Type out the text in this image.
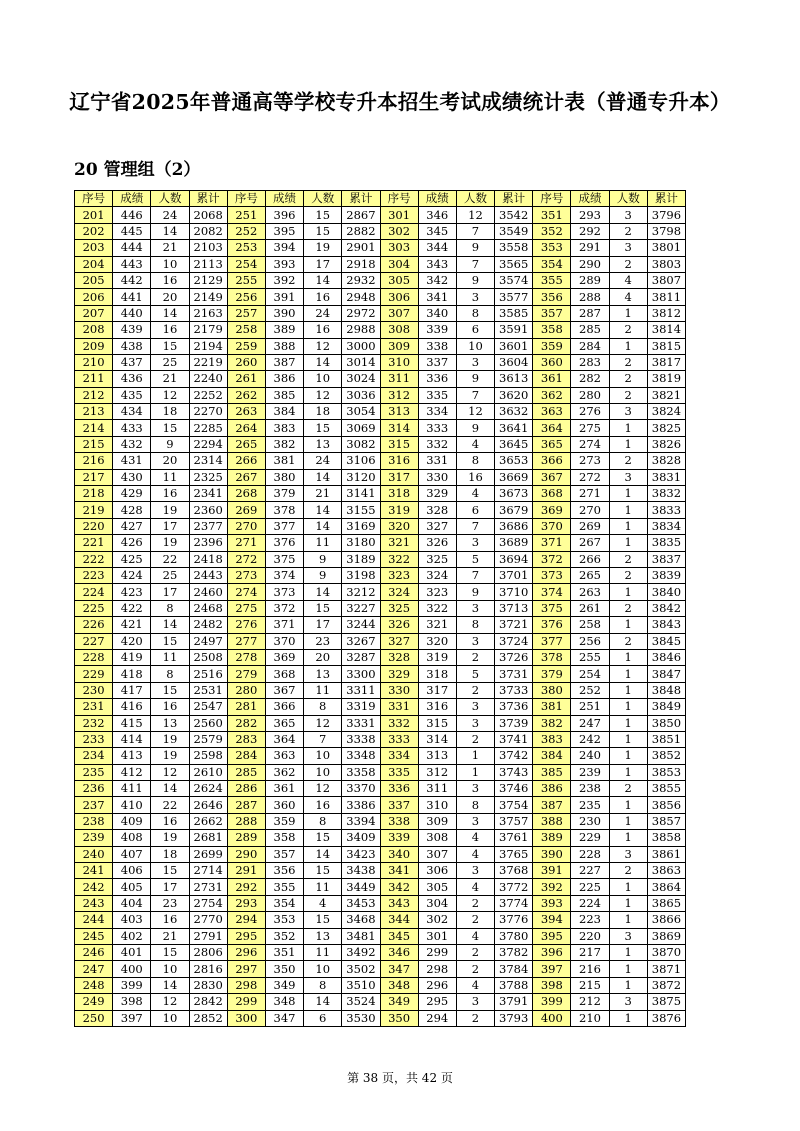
辽宁省2025年普通高等学校专升本招生考试成绩统计表（普通专升本）
20 管理组（2）
序号	成绩	人数	累计	序号	成绩	人数	累计	序号	成绩	人数	累计	序号	成绩	人数	累计
201	446	24	2068	251	396	15	2867	301	346	12	3542	351	293	3	3796
202	445	14	2082	252	395	15	2882	302	345	7	3549	352	292	2	3798
203	444	21	2103	253	394	19	2901	303	344	9	3558	353	291	3	3801
204	443	10	2113	254	393	17	2918	304	343	7	3565	354	290	2	3803
205	442	16	2129	255	392	14	2932	305	342	9	3574	355	289	4	3807
206	441	20	2149	256	391	16	2948	306	341	3	3577	356	288	4	3811
207	440	14	2163	257	390	24	2972	307	340	8	3585	357	287	1	3812
208	439	16	2179	258	389	16	2988	308	339	6	3591	358	285	2	3814
209	438	15	2194	259	388	12	3000	309	338	10	3601	359	284	1	3815
210	437	25	2219	260	387	14	3014	310	337	3	3604	360	283	2	3817
211	436	21	2240	261	386	10	3024	311	336	9	3613	361	282	2	3819
212	435	12	2252	262	385	12	3036	312	335	7	3620	362	280	2	3821
213	434	18	2270	263	384	18	3054	313	334	12	3632	363	276	3	3824
214	433	15	2285	264	383	15	3069	314	333	9	3641	364	275	1	3825
215	432	9	2294	265	382	13	3082	315	332	4	3645	365	274	1	3826
216	431	20	2314	266	381	24	3106	316	331	8	3653	366	273	2	3828
217	430	11	2325	267	380	14	3120	317	330	16	3669	367	272	3	3831
218	429	16	2341	268	379	21	3141	318	329	4	3673	368	271	1	3832
219	428	19	2360	269	378	14	3155	319	328	6	3679	369	270	1	3833
220	427	17	2377	270	377	14	3169	320	327	7	3686	370	269	1	3834
221	426	19	2396	271	376	11	3180	321	326	3	3689	371	267	1	3835
222	425	22	2418	272	375	9	3189	322	325	5	3694	372	266	2	3837
223	424	25	2443	273	374	9	3198	323	324	7	3701	373	265	2	3839
224	423	17	2460	274	373	14	3212	324	323	9	3710	374	263	1	3840
225	422	8	2468	275	372	15	3227	325	322	3	3713	375	261	2	3842
226	421	14	2482	276	371	17	3244	326	321	8	3721	376	258	1	3843
227	420	15	2497	277	370	23	3267	327	320	3	3724	377	256	2	3845
228	419	11	2508	278	369	20	3287	328	319	2	3726	378	255	1	3846
229	418	8	2516	279	368	13	3300	329	318	5	3731	379	254	1	3847
230	417	15	2531	280	367	11	3311	330	317	2	3733	380	252	1	3848
231	416	16	2547	281	366	8	3319	331	316	3	3736	381	251	1	3849
232	415	13	2560	282	365	12	3331	332	315	3	3739	382	247	1	3850
233	414	19	2579	283	364	7	3338	333	314	2	3741	383	242	1	3851
234	413	19	2598	284	363	10	3348	334	313	1	3742	384	240	1	3852
235	412	12	2610	285	362	10	3358	335	312	1	3743	385	239	1	3853
236	411	14	2624	286	361	12	3370	336	311	3	3746	386	238	2	3855
237	410	22	2646	287	360	16	3386	337	310	8	3754	387	235	1	3856
238	409	16	2662	288	359	8	3394	338	309	3	3757	388	230	1	3857
239	408	19	2681	289	358	15	3409	339	308	4	3761	389	229	1	3858
240	407	18	2699	290	357	14	3423	340	307	4	3765	390	228	3	3861
241	406	15	2714	291	356	15	3438	341	306	3	3768	391	227	2	3863
242	405	17	2731	292	355	11	3449	342	305	4	3772	392	225	1	3864
243	404	23	2754	293	354	4	3453	343	304	2	3774	393	224	1	3865
244	403	16	2770	294	353	15	3468	344	302	2	3776	394	223	1	3866
245	402	21	2791	295	352	13	3481	345	301	4	3780	395	220	3	3869
246	401	15	2806	296	351	11	3492	346	299	2	3782	396	217	1	3870
247	400	10	2816	297	350	10	3502	347	298	2	3784	397	216	1	3871
248	399	14	2830	298	349	8	3510	348	296	4	3788	398	215	1	3872
249	398	12	2842	299	348	14	3524	349	295	3	3791	399	212	3	3875
250	397	10	2852	300	347	6	3530	350	294	2	3793	400	210	1	3876
第 38 页，共 42 页
